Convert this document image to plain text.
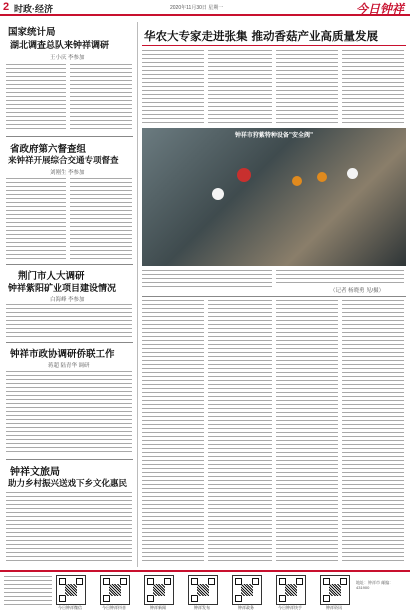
2 时政·经济	2020年11月30日 星期一	今日钟祥
国家统计局
湖北调查总队来钟祥调研
王小庆 李参加
省政府第六督查组
来钟祥开展综合交通专项督查
刘刚生 李参加
荆门市人大调研
钟祥紫阳矿业项目建设情况
白海峰 李参加
钟祥市政协调研侨联工作
蒋超 陆青华 调研
钟祥文旅局
助力乡村振兴送戏下乡文化惠民
华农大专家走进张集 推动香菇产业高质量发展
钟祥市狩紫特种设备"安全阀"
（记者 杨晓勇 见/摄）
今日钟祥微信	今日钟祥抖音	钟祥新闻	钟祥发布	钟祥政务	今日钟祥快手	钟祥资讯
地址：钟祥市 邮编：431900
